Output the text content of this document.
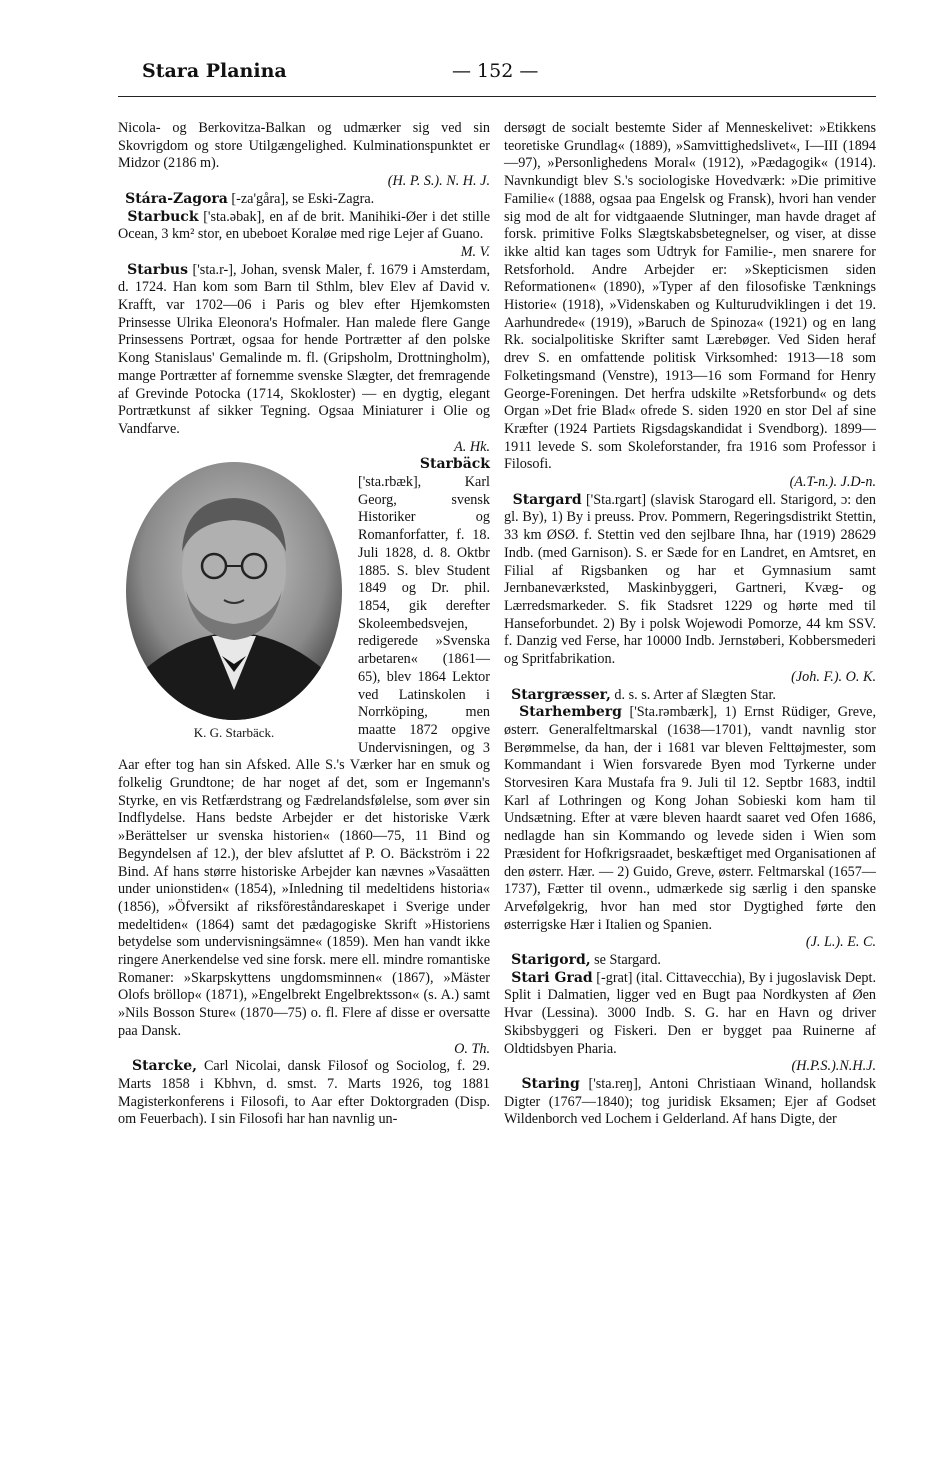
Stara Planina	— 152 —

Nicola- og Berkovitza-Balkan og udmærker sig ved sin Skovrigdom og store Utilgængelighed. Kulminationspunktet er Midzor (2186 m).
(H. P. S.). N. H. J.

Stára-Zagora [-za'gåra], se Eski-Zagra.

Starbuck ['sta.əbak], en af de brit. Manihiki-Øer i det stille Ocean, 3 km² stor, en ubeboet Koraløe med rige Lejer af Guano.
M. V.

Starbus ['sta.r-], Johan, svensk Maler, f. 1679 i Amsterdam, d. 1724. Han kom som Barn til Sthlm, blev Elev af David v. Krafft, var 1702—06 i Paris og blev efter Hjemkomsten Prinsesse Ulrika Eleonora's Hofmaler. Han malede flere Gange Prinsessens Portræt, ogsaa for hende Portrætter af den polske Kong Stanislaus' Gemalinde m. fl. (Gripsholm, Drottningholm), mange Portrætter af fornemme svenske Slægter, det fremragende af Grevinde Potocka (1714, Skokloster) — en dygtig, elegant Portrætkunst af sikker Tegning. Ogsaa Miniaturer i Olie og Vandfarve.
A. Hk.

Starbäck
K. G. Starbäck.
['sta.rbæk], Karl Georg, svensk Historiker og Romanforfatter, f. 18. Juli 1828, d. 8. Oktbr 1885. S. blev Student 1849 og Dr. phil. 1854, gik derefter Skoleembedsvejen, redigerede »Svenska arbetaren« (1861—65), blev 1864 Lektor ved Latinskolen i Norrköping, men maatte 1872 opgive Undervisningen, og 3 Aar efter tog han sin Afsked. Alle S.'s Værker har en smuk og folkelig Grundtone; de har noget af det, som er Ingemann's Styrke, en vis Retfærdstrang og Fædrelandsfølelse, som øver sin Indflydelse. Hans bedste Arbejder er det historiske Værk »Berättelser ur svenska historien« (1860—75, 11 Bind og Begyndelsen af 12.), der blev afsluttet af P. O. Bäckström i 22 Bind. Af hans større historiske Arbejder kan nævnes »Vasaätten under unionstiden« (1854), »Inledning til medeltidens historia« (1856), »Öfversikt af riksföreståndareskapet i Sverige under medeltiden« (1864) samt det pædagogiske Skrift »Historiens betydelse som undervisningsämne« (1859). Men han vandt ikke ringere Anerkendelse ved sine forsk. mere ell. mindre romantiske Romaner: »Skarpskyttens ungdomsminnen« (1867), »Mäster Olofs bröllop« (1871), »Engelbrekt Engelbrektsson« (s. A.) samt »Nils Bosson Sture« (1870—75) o. fl. Flere af disse er oversatte paa Dansk.
O. Th.

Starcke, Carl Nicolai, dansk Filosof og Sociolog, f. 29. Marts 1858 i Kbhvn, d. smst. 7. Marts 1926, tog 1881 Magisterkonferens i Filosofi, to Aar efter Doktorgraden (Disp. om Feuerbach). I sin Filosofi har han navnlig un-

dersøgt de socialt bestemte Sider af Menneskelivet: »Etikkens teoretiske Grundlag« (1889), »Samvittighedslivet«, I—III (1894—97), »Personlighedens Moral« (1912), »Pædagogik« (1914). Navnkundigt blev S.'s sociologiske Hovedværk: »Die primitive Familie« (1888, ogsaa paa Engelsk og Fransk), hvori han vender sig mod de alt for vidtgaaende Slutninger, man havde draget af forsk. primitive Folks Slægtskabsbetegnelser, og viser, at disse ikke altid kan tages som Udtryk for Familie-, men snarere for Retsforhold. Andre Arbejder er: »Skepticismen siden Reformationen« (1890), »Typer af den filosofiske Tænknings Historie« (1918), »Videnskaben og Kulturudviklingen i det 19. Aarhundrede« (1919), »Baruch de Spinoza« (1921) og en lang Rk. socialpolitiske Skrifter samt Lærebøger. Ved Siden heraf drev S. en omfattende politisk Virksomhed: 1913—18 som Folketingsmand (Venstre), 1913—16 som Formand for Henry George-Foreningen. Det herfra udskilte »Retsforbund« og dets Organ »Det frie Blad« ofrede S. siden 1920 en stor Del af sine Kræfter (1924 Partiets Rigsdagskandidat i Svendborg). 1899—1911 levede S. som Skoleforstander, fra 1916 som Professor i Filosofi.
(A.T-n.). J.D-n.

Stargard ['Sta.rgart] (slavisk Starogard ell. Starigord, ɔ: den gl. By), 1) By i preuss. Prov. Pommern, Regeringsdistrikt Stettin, 33 km ØSØ. f. Stettin ved den sejlbare Ihna, har (1919) 28629 Indb. (med Garnison). S. er Sæde for en Landret, en Amtsret, en Filial af Rigsbanken og har et Gymnasium samt Jernbaneværksted, Maskinbyggeri, Gartneri, Kvæg- og Lærredsmarkeder. S. fik Stadsret 1229 og hørte med til Hanseforbundet. 2) By i polsk Wojewodi Pomorze, 44 km SSV. f. Danzig ved Ferse, har 10000 Indb. Jernstøberi, Kobbersmederi og Spritfabrikation.
(Joh. F.). O. K.

Stargræsser, d. s. s. Arter af Slægten Star.

Starhemberg ['Sta.rəmbærk], 1) Ernst Rüdiger, Greve, østerr. Generalfeltmarskal (1638—1701), vandt navnlig stor Berømmelse, da han, der i 1681 var bleven Felttøjmester, som Kommandant i Wien forsvarede Byen mod Tyrkerne under Storvesiren Kara Mustafa fra 9. Juli til 12. Septbr 1683, indtil Karl af Lothringen og Kong Johan Sobieski kom ham til Undsætning. Efter at være bleven haardt saaret ved Ofen 1686, nedlagde han sin Kommando og levede siden i Wien som Præsident for Hofkrigsraadet, beskæftiget med Organisationen af den østerr. Hær. — 2) Guido, Greve, østerr. Feltmarskal (1657—1737), Fætter til ovenn., udmærkede sig særlig i den spanske Arvefølgekrig, hvor han med stor Dygtighed førte den østerrigske Hær i Italien og Spanien.
(J. L.). E. C.

Starigord, se Stargard.

Stari Grad [-grat] (ital. Cittavecchia), By i jugoslavisk Dept. Split i Dalmatien, ligger ved en Bugt paa Nordkysten af Øen Hvar (Lessina). 3000 Indb. S. G. har en Havn og driver Skibsbyggeri og Fiskeri. Den er bygget paa Ruinerne af Oldtidsbyen Pharia.
(H.P.S.).N.H.J.

Staring ['sta.reŋ], Antoni Christiaan Winand, hollandsk Digter (1767—1840); tog juridisk Eksamen; Ejer af Godset Wildenborch ved Lochem i Gelderland. Af hans Digte, der
